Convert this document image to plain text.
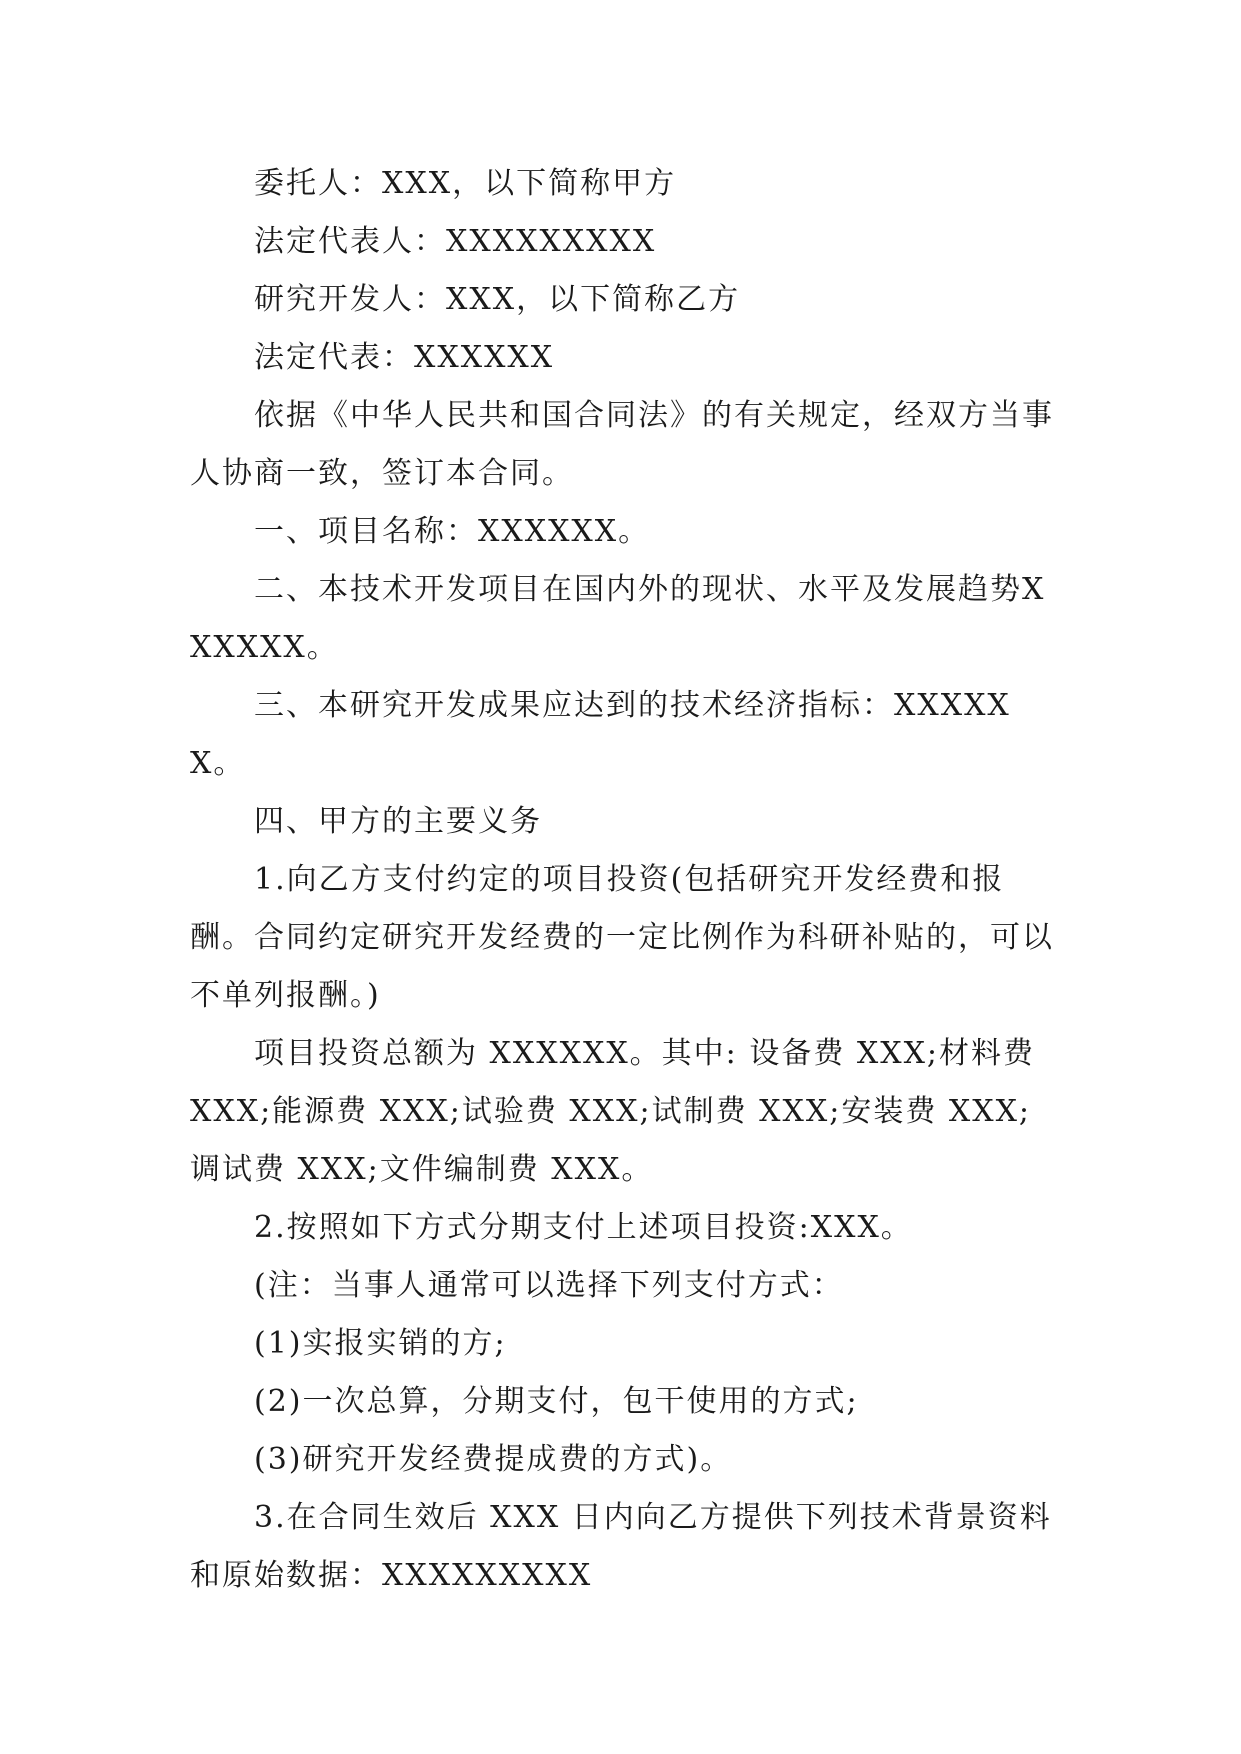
委托人：XXX，以下简称甲方

法定代表人：XXXXXXXXX

研究开发人：XXX，以下简称乙方

法定代表：XXXXXX

依据《中华人民共和国合同法》的有关规定，经双方当事人协商一致，签订本合同。

一、项目名称：XXXXXX。

二、本技术开发项目在国内外的现状、水平及发展趋势XXXXXX。

三、本研究开发成果应达到的技术经济指标：XXXXXX。

四、甲方的主要义务

1.向乙方支付约定的项目投资(包括研究开发经费和报酬。合同约定研究开发经费的一定比例作为科研补贴的，可以不单列报酬。)

项目投资总额为 XXXXXX。其中: 设备费 XXX;材料费 XXX;能源费 XXX;试验费 XXX;试制费 XXX;安装费 XXX;调试费 XXX;文件编制费 XXX。

2.按照如下方式分期支付上述项目投资:XXX。

(注：当事人通常可以选择下列支付方式：

(1)实报实销的方;

(2)一次总算，分期支付，包干使用的方式;

(3)研究开发经费提成费的方式)。

3.在合同生效后 XXX 日内向乙方提供下列技术背景资料和原始数据：XXXXXXXXX
